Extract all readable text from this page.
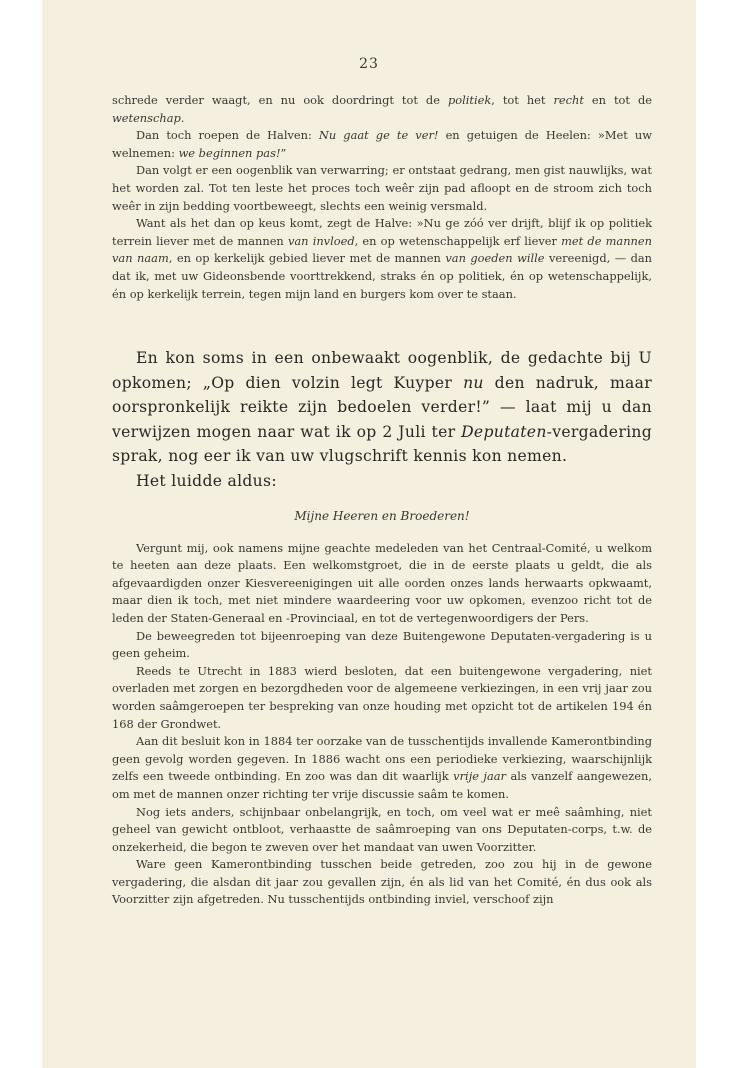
23

schrede verder waagt, en nu ook doordringt tot de politiek, tot het recht en tot de wetenschap.

Dan toch roepen de Halven: Nu gaat ge te ver! en getuigen de Heelen: »Met uw welnemen: we beginnen pas!”

Dan volgt er een oogenblik van verwarring; er ontstaat gedrang, men gist nauwlijks, wat het worden zal. Tot ten leste het proces toch weêr zijn pad afloopt en de stroom zich toch weêr in zijn bedding voortbeweegt, slechts een weinig versmald.

Want als het dan op keus komt, zegt de Halve: »Nu ge zóó ver drijft, blijf ik op politiek terrein liever met de mannen van invloed, en op wetenschappelijk erf liever met de mannen van naam, en op kerkelijk gebied liever met de mannen van goeden wille vereenigd, — dan dat ik, met uw Gideonsbende voorttrekkend, straks én op politiek, én op wetenschappelijk, én op kerkelijk terrein, tegen mijn land en burgers kom over te staan.

En kon soms in een onbewaakt oogenblik, de gedachte bij U opkomen; „Op dien volzin legt Kuyper nu den nadruk, maar oorspronkelijk reikte zijn bedoelen verder!” — laat mij u dan verwijzen mogen naar wat ik op 2 Juli ter Deputaten-vergadering sprak, nog eer ik van uw vlugschrift kennis kon nemen.

Het luidde aldus:

Mijne Heeren en Broederen!

Vergunt mij, ook namens mijne geachte medeleden van het Centraal-Comité, u welkom te heeten aan deze plaats. Een welkomstgroet, die in de eerste plaats u geldt, die als afgevaardigden onzer Kiesvereenigingen uit alle oorden onzes lands herwaarts opkwaamt, maar dien ik toch, met niet mindere waardeering voor uw opkomen, evenzoo richt tot de leden der Staten-Generaal en -Provinciaal, en tot de vertegenwoordigers der Pers.

De beweegreden tot bijeenroeping van deze Buitengewone Deputaten-vergadering is u geen geheim.

Reeds te Utrecht in 1883 wierd besloten, dat een buitengewone vergadering, niet overladen met zorgen en bezorgdheden voor de algemeene verkiezingen, in een vrij jaar zou worden saâmgeroepen ter bespreking van onze houding met opzicht tot de artikelen 194 én 168 der Grondwet.

Aan dit besluit kon in 1884 ter oorzake van de tusschentijds invallende Kamerontbinding geen gevolg worden gegeven. In 1886 wacht ons een periodieke verkiezing, waarschijnlijk zelfs een tweede ontbinding. En zoo was dan dit waarlijk vrije jaar als vanzelf aangewezen, om met de mannen onzer richting ter vrije discussie saâm te komen.

Nog iets anders, schijnbaar onbelangrijk, en toch, om veel wat er meê saâmhing, niet geheel van gewicht ontbloot, verhaastte de saâmroeping van ons Deputaten-corps, t.w. de onzekerheid, die begon te zweven over het mandaat van uwen Voorzitter.

Ware geen Kamerontbinding tusschen beide getreden, zoo zou hij in de gewone vergadering, die alsdan dit jaar zou gevallen zijn, én als lid van het Comité, én dus ook als Voorzitter zijn afgetreden. Nu tusschentijds ontbinding inviel, verschoof zijn
